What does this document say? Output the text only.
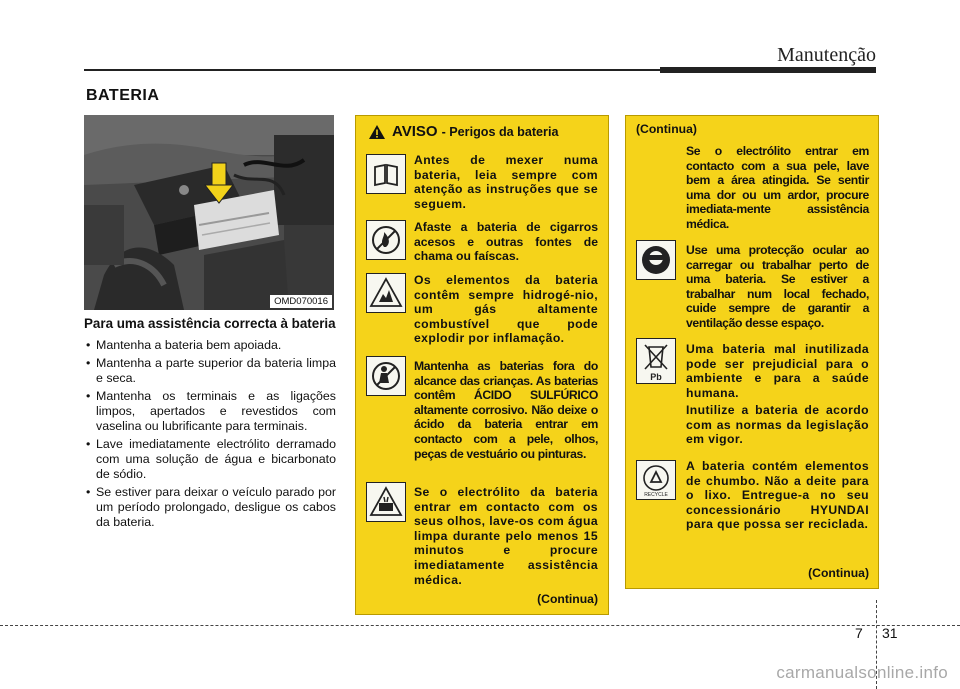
Manutenção
BATERIA
OMD070016
Para uma assistência correcta à bateria
• Mantenha a bateria bem apoiada.
• Mantenha a parte superior da bateria limpa e seca.
• Mantenha os terminais e as ligações limpos, apertados e revestidos com vaselina ou lubrificante para terminais.
• Lave imediatamente electrólito derramado com uma solução de água e bicarbonato de sódio.
• Se estiver para deixar o veículo parado por um período prolongado, desligue os cabos da bateria.
AVISO - Perigos da bateria
Antes de mexer numa bateria, leia sempre com atenção as instruções que se seguem.
Afaste a bateria de cigarros acesos e outras fontes de chama ou faíscas.
Os elementos da bateria contêm sempre hidrogé-nio, um gás altamente combustível que pode explodir por inflamação.
Mantenha as baterias fora do alcance das crianças. As baterias contêm ÁCIDO SULFÚRICO altamente corrosivo. Não deixe o ácido da bateria entrar em contacto com a pele, olhos, peças de vestuário ou pinturas.
Se o electrólito da bateria entrar em contacto com os seus olhos, lave-os com água limpa durante pelo menos 15 minutos e procure imediatamente assistência médica.
(Continua)
(Continua)
Se o electrólito entrar em contacto com a sua pele, lave bem a área atingida. Se sentir uma dor ou um ardor, procure imediata-mente assistência médica.
Use uma protecção ocular ao carregar ou trabalhar perto de uma bateria. Se estiver a trabalhar num local fechado, cuide sempre de garantir a ventilação desse espaço.
Pb
Uma bateria mal inutilizada pode ser prejudicial para o ambiente e para a saúde humana.
Inutilize a bateria de acordo com as normas da legislação em vigor.
RECYCLE
A bateria contém elementos de chumbo. Não a deite para o lixo. Entregue-a no seu concessionário HYUNDAI para que possa ser reciclada.
(Continua)
7 31
carmanualsonline.info
